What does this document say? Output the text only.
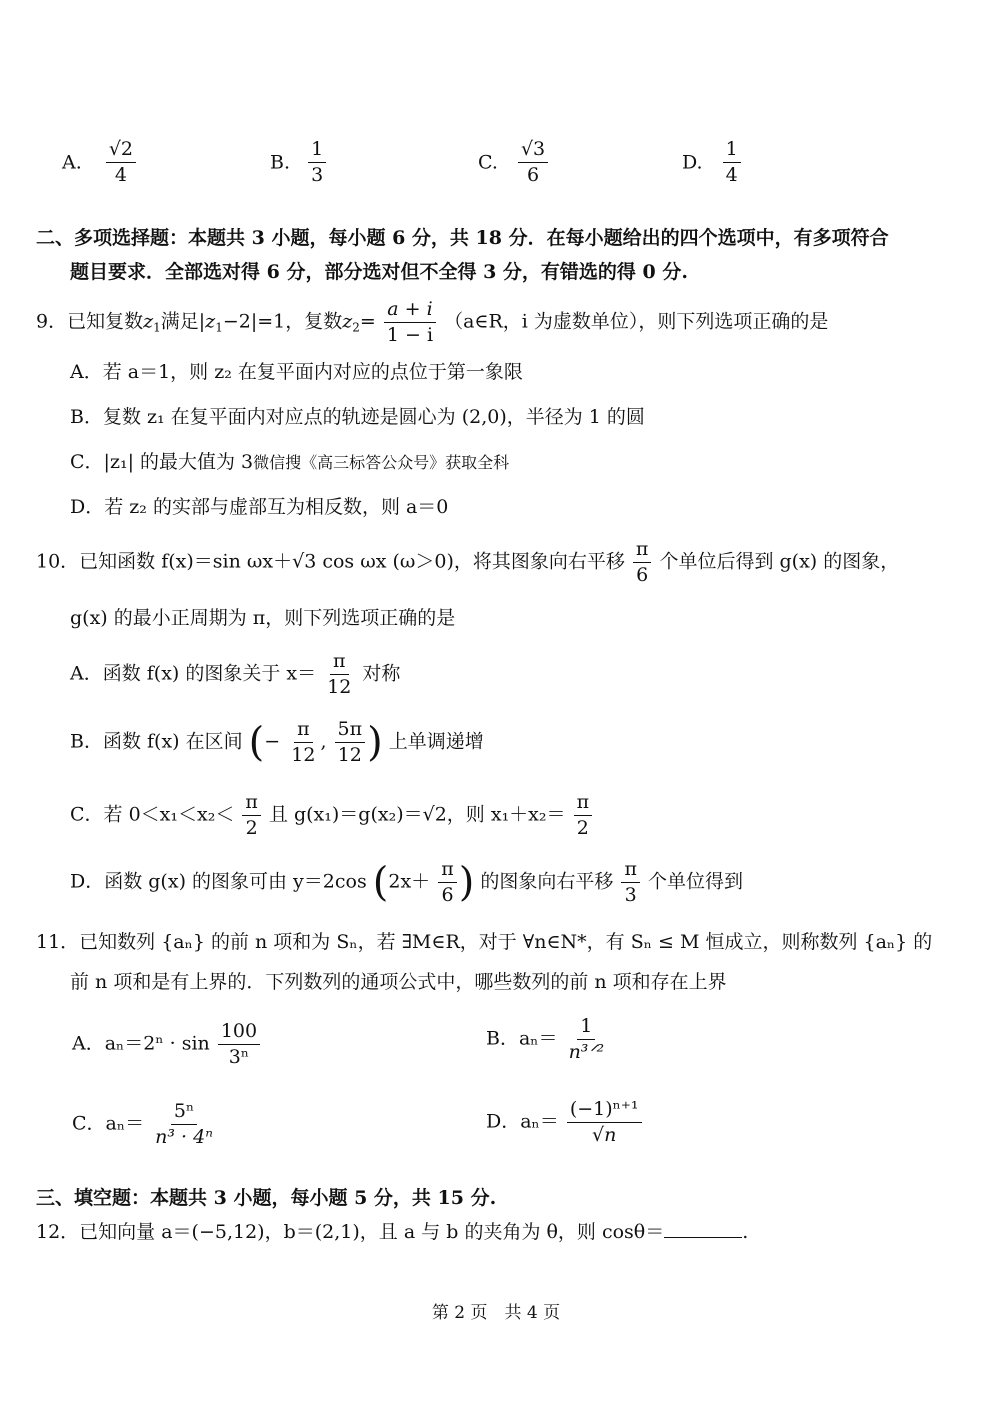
A. $\frac{√2}{4}$	B. $\frac{1}{3}$	C. $\frac{√3}{6}$	D. $\frac{1}{4}$
二、多项选择题：本题共 3 小题，每小题 6 分，共 18 分．在每小题给出的四个选项中，有多项符合
题目要求．全部选对得 6 分，部分选对但不全得 3 分，有错选的得 0 分.
9．已知复数$z_1$满足$|z_1-2|=1$，复数$z_2= \frac{a + i}{1 - i}$ （a∈R，i 为虚数单位），则下列选项正确的是
A．若 a＝1，则 z₂ 在复平面内对应的点位于第一象限
B．复数 z₁ 在复平面内对应点的轨迹是圆心为 (2,0)，半径为 1 的圆
C．|z₁| 的最大值为 3微信搜《高三标答公众号》获取全科
D．若 z₂ 的实部与虚部互为相反数，则 a＝0
10．已知函数 f(x)＝sin ωx＋√3 cos ωx (ω＞0)，将其图象向右平移 $\frac{\pi}{6}$ 个单位后得到 g(x) 的图象，
g(x) 的最小正周期为 π，则下列选项正确的是
A．函数 f(x) 的图象关于 $x= \frac{\pi}{12}$ 对称
B．函数 f(x) 在区间 (− $\frac{\pi}{12}$ , $\frac{5\pi}{12}$ ) 上单调递增
C．若 $0<x_1<x_2< \frac{\pi}{2}$ 且 g(x₁)＝g(x₂)＝√2，则 $x_1+x_2= \frac{\pi}{2}$
D．函数 g(x) 的图象可由 y＝2cos ($2x+ \frac{\pi}{6}$ ) 的图象向右平移 $\frac{\pi}{3}$ 个单位得到
11．已知数列 {aₙ} 的前 n 项和为 Sₙ，若 ∃M∈R，对于 ∀n∈N*，有 Sₙ ≤ M 恒成立，则称数列 {aₙ} 的
前 n 项和是有上界的．下列数列的通项公式中，哪些数列的前 n 项和存在上界
A．$a_n=2^n \cdot \sin \frac{100}{\text{3ⁿ}}$	B．$a_n= \frac{1}{\text{n³ᐟ²}}$
C．$a_n= \frac{\text{5ⁿ}}{\text{n³ · 4ⁿ}}$	D．$a_n= \frac{\text{(−1)ⁿ⁺¹}}{√n}$
三、填空题：本题共 3 小题，每小题 5 分，共 15 分.
12．已知向量 a＝(−5,12)，b＝(2,1)，且 a 与 b 的夹角为 θ，则 cosθ＝	.
第 2 页　共 4 页
